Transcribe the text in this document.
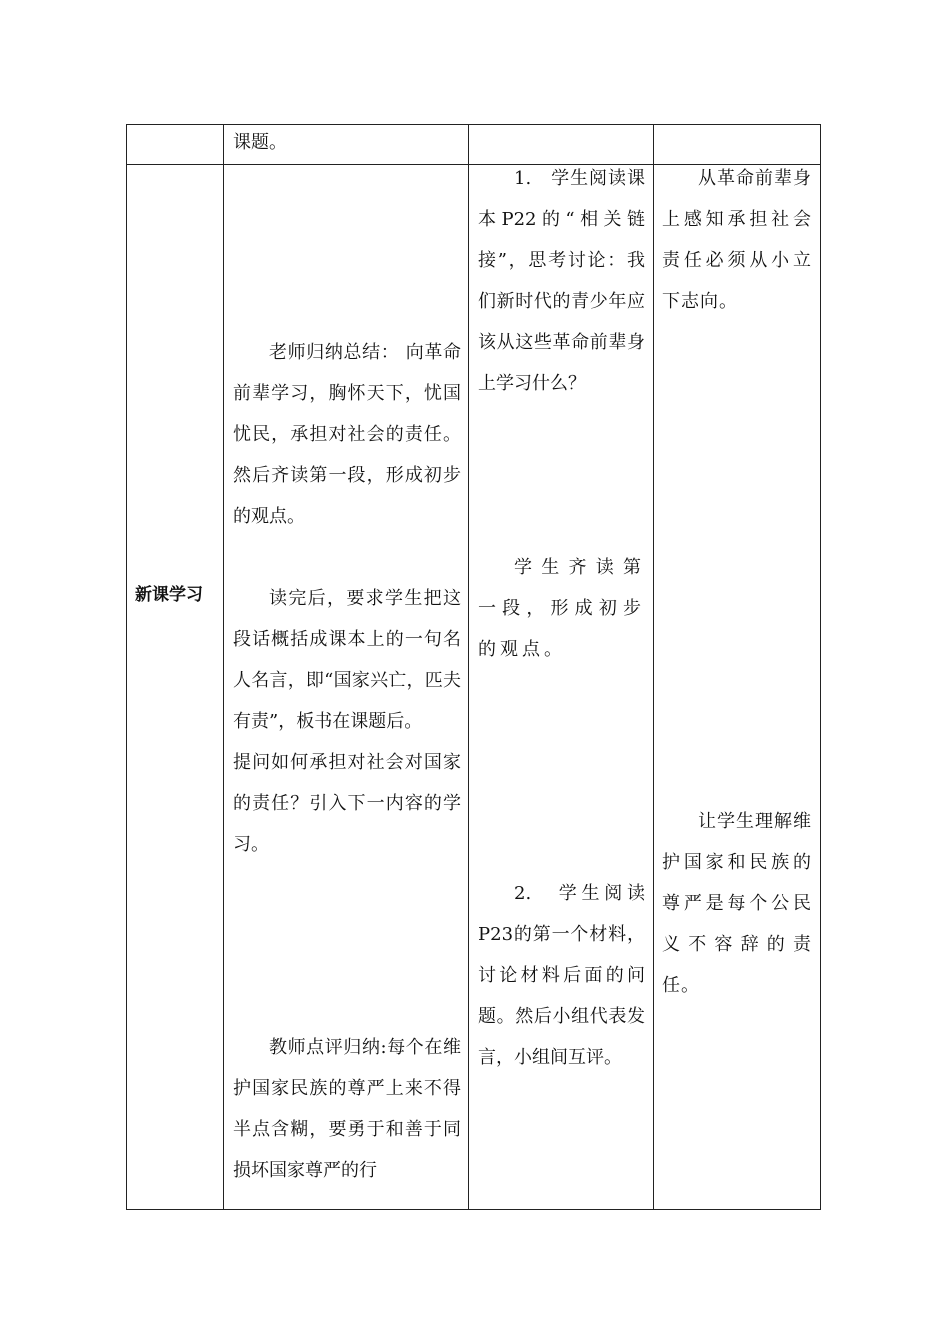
课题。
新课学习
老师归纳总结： 向革命前辈学习，胸怀天下，忧国忧民，承担对社会的责任。然后齐读第一段，形成初步的观点。
读完后，要求学生把这段话概括成课本上的一句名人名言，即“国家兴亡，匹夫有责”，板书在课题后。
提问如何承担对社会对国家的责任？引入下一内容的学习。
教师点评归纳:每个在维护国家民族的尊严上来不得半点含糊，要勇于和善于同损坏国家尊严的行
1.　学生阅读课本P22的“相关链接”，思考讨论：我们新时代的青少年应该从这些革命前辈身上学习什么？
学生齐读第一段，形成初步的观点。
2.　学生阅读P23的第一个材料，讨论材料后面的问题。然后小组代表发言，小组间互评。
从革命前辈身上感知承担社会责任必须从小立下志向。
让学生理解维护国家和民族的尊严是每个公民义不容辞的责任。
